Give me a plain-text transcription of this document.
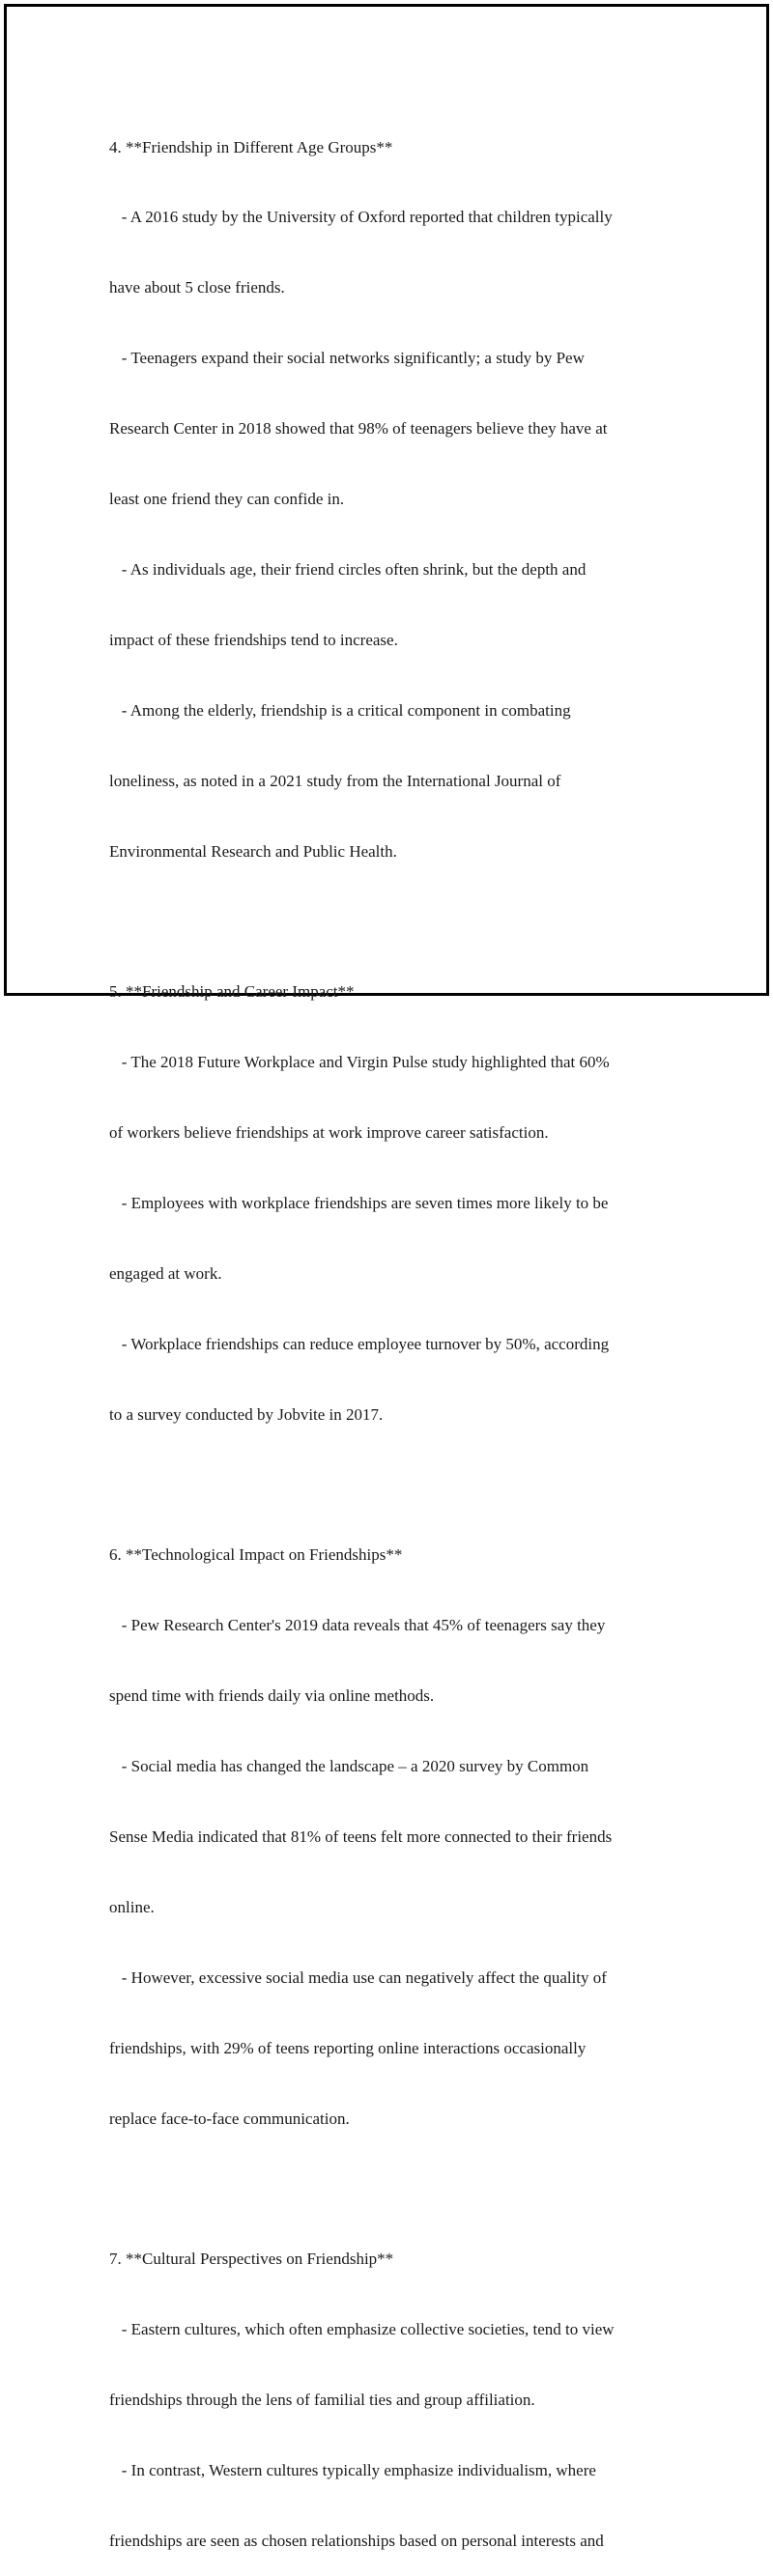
4. **Friendship in Different Age Groups**

- A 2016 study by the University of Oxford reported that children typically

have about 5 close friends.

- Teenagers expand their social networks significantly; a study by Pew

Research Center in 2018 showed that 98% of teenagers believe they have at

least one friend they can confide in.

- As individuals age, their friend circles often shrink, but the depth and

impact of these friendships tend to increase.

- Among the elderly, friendship is a critical component in combating

loneliness, as noted in a 2021 study from the International Journal of

Environmental Research and Public Health.

5. **Friendship and Career Impact**

- The 2018 Future Workplace and Virgin Pulse study highlighted that 60%

of workers believe friendships at work improve career satisfaction.

- Employees with workplace friendships are seven times more likely to be

engaged at work.

- Workplace friendships can reduce employee turnover by 50%, according

to a survey conducted by Jobvite in 2017.

6. **Technological Impact on Friendships**

- Pew Research Center's 2019 data reveals that 45% of teenagers say they

spend time with friends daily via online methods.

- Social media has changed the landscape – a 2020 survey by Common

Sense Media indicated that 81% of teens felt more connected to their friends

online.

- However, excessive social media use can negatively affect the quality of

friendships, with 29% of teens reporting online interactions occasionally

replace face-to-face communication.

7. **Cultural Perspectives on Friendship**

- Eastern cultures, which often emphasize collective societies, tend to view

friendships through the lens of familial ties and group affiliation.

- In contrast, Western cultures typically emphasize individualism, where

friendships are seen as chosen relationships based on personal interests and
